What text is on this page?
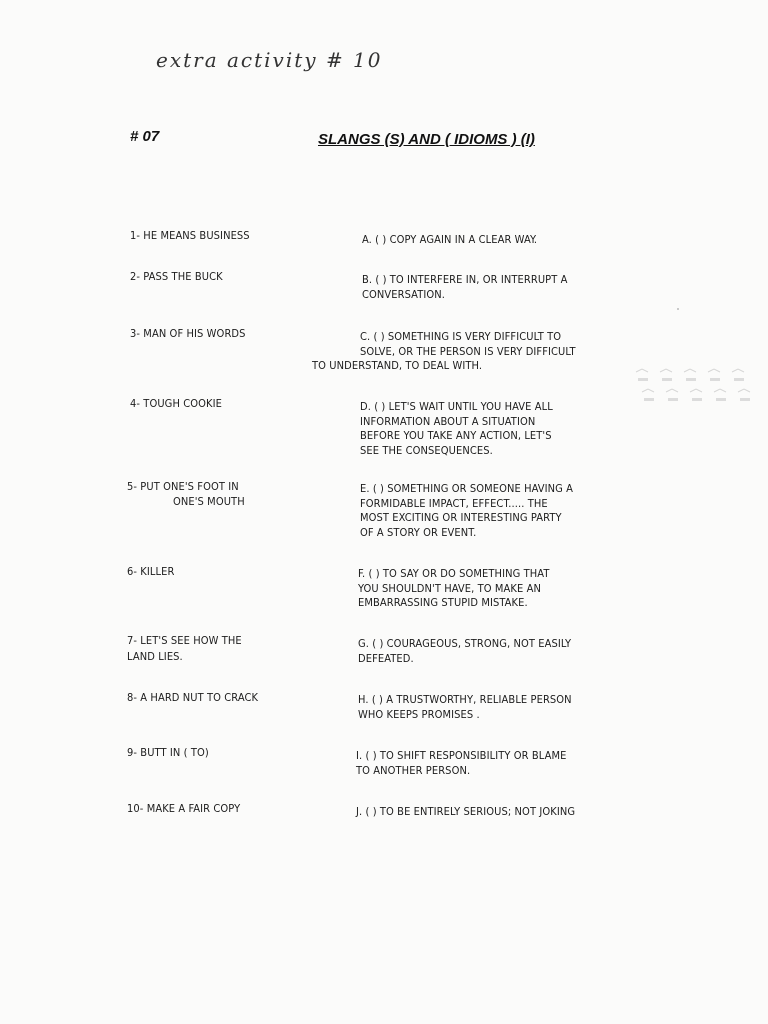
extra activity # 10
# 07	SLANGS (S) AND ( IDIOMS ) (I)
1- HE MEANS BUSINESS
2- PASS THE BUCK
3- MAN OF HIS WORDS
4- TOUGH COOKIE
5- PUT ONE'S FOOT IN
ONE'S MOUTH
6- KILLER
7- LET'S SEE HOW THE
LAND LIES.
8- A HARD NUT TO CRACK
9- BUTT IN ( TO)
10- MAKE A FAIR COPY
A. ( ) COPY AGAIN IN A CLEAR WAY.
B. ( ) TO INTERFERE IN, OR INTERRUPT A
CONVERSATION.
C. ( ) SOMETHING IS VERY DIFFICULT TO
SOLVE, OR THE PERSON IS VERY DIFFICULT
TO UNDERSTAND, TO DEAL WITH.
D. ( ) LET'S WAIT UNTIL YOU HAVE ALL
INFORMATION ABOUT A SITUATION
BEFORE YOU TAKE ANY ACTION, LET'S
SEE THE CONSEQUENCES.
E. ( ) SOMETHING OR SOMEONE HAVING A
FORMIDABLE IMPACT, EFFECT..... THE
MOST EXCITING OR INTERESTING PARTY
OF A STORY OR EVENT.
F. ( ) TO SAY OR DO SOMETHING THAT
YOU SHOULDN'T HAVE, TO MAKE AN
EMBARRASSING STUPID MISTAKE.
G. ( ) COURAGEOUS, STRONG, NOT EASILY
DEFEATED.
H. ( ) A TRUSTWORTHY, RELIABLE PERSON
WHO KEEPS PROMISES .
I. ( ) TO SHIFT RESPONSIBILITY OR BLAME
TO ANOTHER PERSON.
J. ( ) TO BE ENTIRELY SERIOUS; NOT JOKING
